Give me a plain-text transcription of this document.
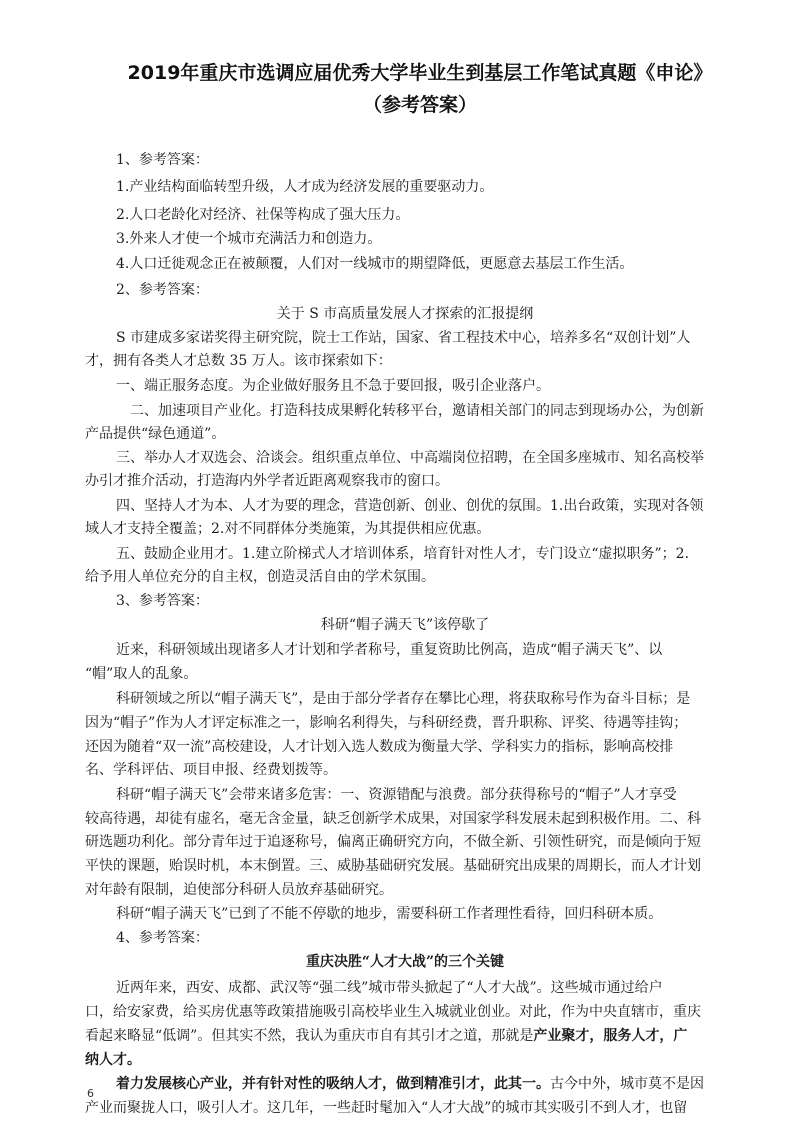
2019年重庆市选调应届优秀大学毕业生到基层工作笔试真题《申论》
（参考答案）
1、参考答案：
1.产业结构面临转型升级，人才成为经济发展的重要驱动力。
2.人口老龄化对经济、社保等构成了强大压力。
3.外来人才使一个城市充满活力和创造力。
4.人口迁徙观念正在被颠覆，人们对一线城市的期望降低，更愿意去基层工作生活。
2、参考答案：
关于 S 市高质量发展人才探索的汇报提纲
S 市建成多家诺奖得主研究院，院士工作站，国家、省工程技术中心，培养多名“双创计划”人
才，拥有各类人才总数 35 万人。该市探索如下：
一、端正服务态度。为企业做好服务且不急于要回报，吸引企业落户。
二、加速项目产业化。打造科技成果孵化转移平台，邀请相关部门的同志到现场办公，为创新
产品提供“绿色通道”。
三、举办人才双选会、洽谈会。组织重点单位、中高端岗位招聘，在全国多座城市、知名高校举
办引才推介活动，打造海内外学者近距离观察我市的窗口。
四、坚持人才为本、人才为要的理念，营造创新、创业、创优的氛围。1.出台政策，实现对各领
域人才支持全覆盖；2.对不同群体分类施策，为其提供相应优惠。
五、鼓励企业用才。1.建立阶梯式人才培训体系，培育针对性人才，专门设立“虚拟职务”；2.
给予用人单位充分的自主权，创造灵活自由的学术氛围。
3、参考答案：
科研“帽子满天飞”该停歇了
近来，科研领域出现诸多人才计划和学者称号，重复资助比例高，造成“帽子满天飞”、以
“帽”取人的乱象。
科研领域之所以“帽子满天飞”，是由于部分学者存在攀比心理，将获取称号作为奋斗目标；是
因为“帽子”作为人才评定标准之一，影响名利得失，与科研经费，晋升职称、评奖、待遇等挂钩；
还因为随着“双一流”高校建设，人才计划入选人数成为衡量大学、学科实力的指标，影响高校排
名、学科评估、项目申报、经费划拨等。
科研“帽子满天飞”会带来诸多危害：一、资源错配与浪费。部分获得称号的“帽子”人才享受
较高待遇，却徒有虚名，毫无含金量，缺乏创新学术成果，对国家学科发展未起到积极作用。二、科
研选题功利化。部分青年过于追逐称号，偏离正确研究方向，不做全新、引领性研究，而是倾向于短
平快的课题，贻误时机，本末倒置。三、威胁基础研究发展。基础研究出成果的周期长，而人才计划
对年龄有限制，迫使部分科研人员放弃基础研究。
科研“帽子满天飞”已到了不能不停歇的地步，需要科研工作者理性看待，回归科研本质。
4、参考答案：
重庆决胜“人才大战”的三个关键
近两年来，西安、成都、武汉等“强二线”城市带头掀起了“人才大战”。这些城市通过给户
口，给安家费，给买房优惠等政策措施吸引高校毕业生入城就业创业。对此，作为中央直辖市，重庆
看起来略显“低调”。但其实不然，我认为重庆市自有其引才之道，那就是产业聚才，服务人才，广
纳人才。
着力发展核心产业，并有针对性的吸纳人才，做到精准引才，此其一。古今中外，城市莫不是因
产业而聚拢人口，吸引人才。这几年，一些赶时髦加入“人才大战”的城市其实吸引不到人才，也留
6
